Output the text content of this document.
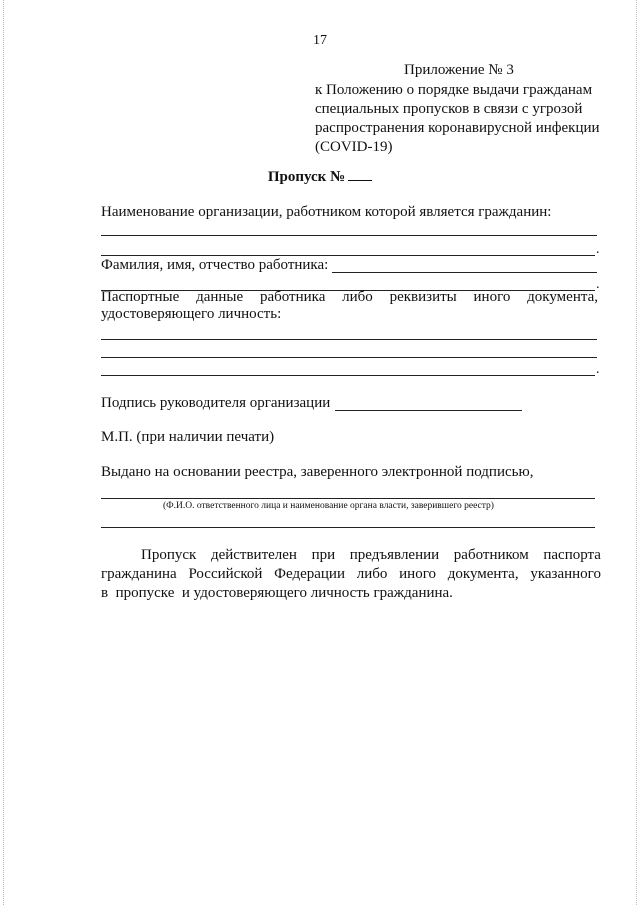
17
Приложение № 3
к Положению о порядке выдачи гражданам
специальных пропусков в связи с угрозой
распространения коронавирусной инфекции
(COVID-19)
Пропуск №
Наименование организации, работником которой является гражданин:
.
Фамилия, имя, отчество работника:
.
Паспортные данные работника либо реквизиты иного документа,
удостоверяющего личность:
.
Подпись руководителя организации
М.П. (при наличии печати)
Выдано на основании реестра, заверенного электронной подписью,
(Ф.И.О. ответственного лица и наименование органа власти, заверившего реестр)
Пропуск действителен при предъявлении работником паспорта
гражданина Российской Федерации либо иного документа, указанного
в  пропуске  и удостоверяющего личность гражданина.
